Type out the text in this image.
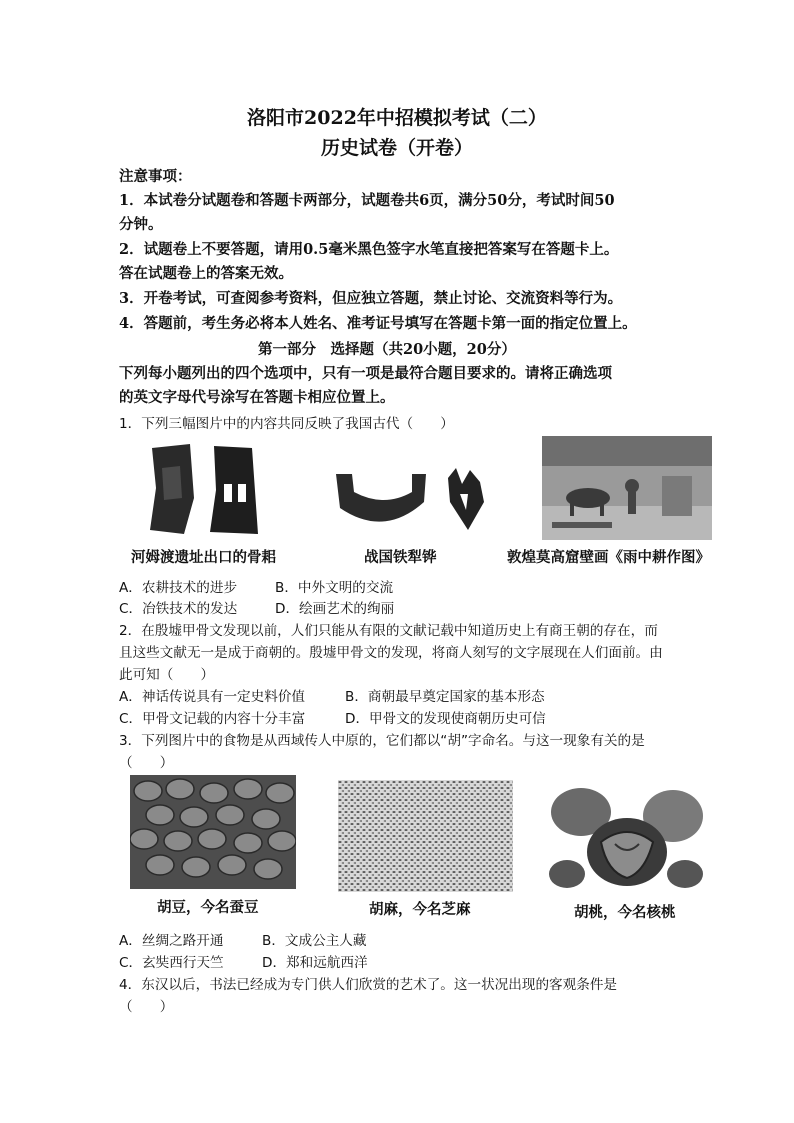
洛阳市2022年中招模拟考试（二）
历史试卷（开卷）
注意事项：
1．本试卷分试题卷和答题卡两部分，试题卷共6页，满分50分，考试时间50
分钟。
2．试题卷上不要答题，请用0.5毫米黑色签字水笔直接把答案写在答题卡上。
答在试题卷上的答案无效。
3．开卷考试，可查阅参考资料，但应独立答题，禁止讨论、交流资料等行为。
4．答题前，考生务必将本人姓名、准考证号填写在答题卡第一面的指定位置上。
第一部分　选择题（共20小题，20分）
下列每小题列出的四个选项中，只有一项是最符合题目要求的。请将正确选项
的英文字母代号涂写在答题卡相应位置上。
1．下列三幅图片中的内容共同反映了我国古代（　　）
河姆渡遗址出口的骨耜	战国铁犁铧	敦煌莫高窟壁画《雨中耕作图》
A．农耕技术的进步	B．中外文明的交流
C．冶铁技术的发达	D．绘画艺术的绚丽
2．在殷墟甲骨文发现以前，人们只能从有限的文献记载中知道历史上有商王朝的存在，而
且这些文献无一是成于商朝的。殷墟甲骨文的发现，将商人刻写的文字展现在人们面前。由
此可知（　　）
A．神话传说具有一定史料价值	B．商朝最早奠定国家的基本形态
C．甲骨文记载的内容十分丰富	D．甲骨文的发现使商朝历史可信
3．下列图片中的食物是从西域传人中原的，它们都以“胡”字命名。与这一现象有关的是
（　　）
胡豆，今名蚕豆	胡麻，今名芝麻	胡桃，今名核桃
A．丝绸之路开通	B．文成公主人藏
C．玄奘西行天竺	D．郑和远航西洋
4．东汉以后，书法已经成为专门供人们欣赏的艺术了。这一状况出现的客观条件是
（　　）
